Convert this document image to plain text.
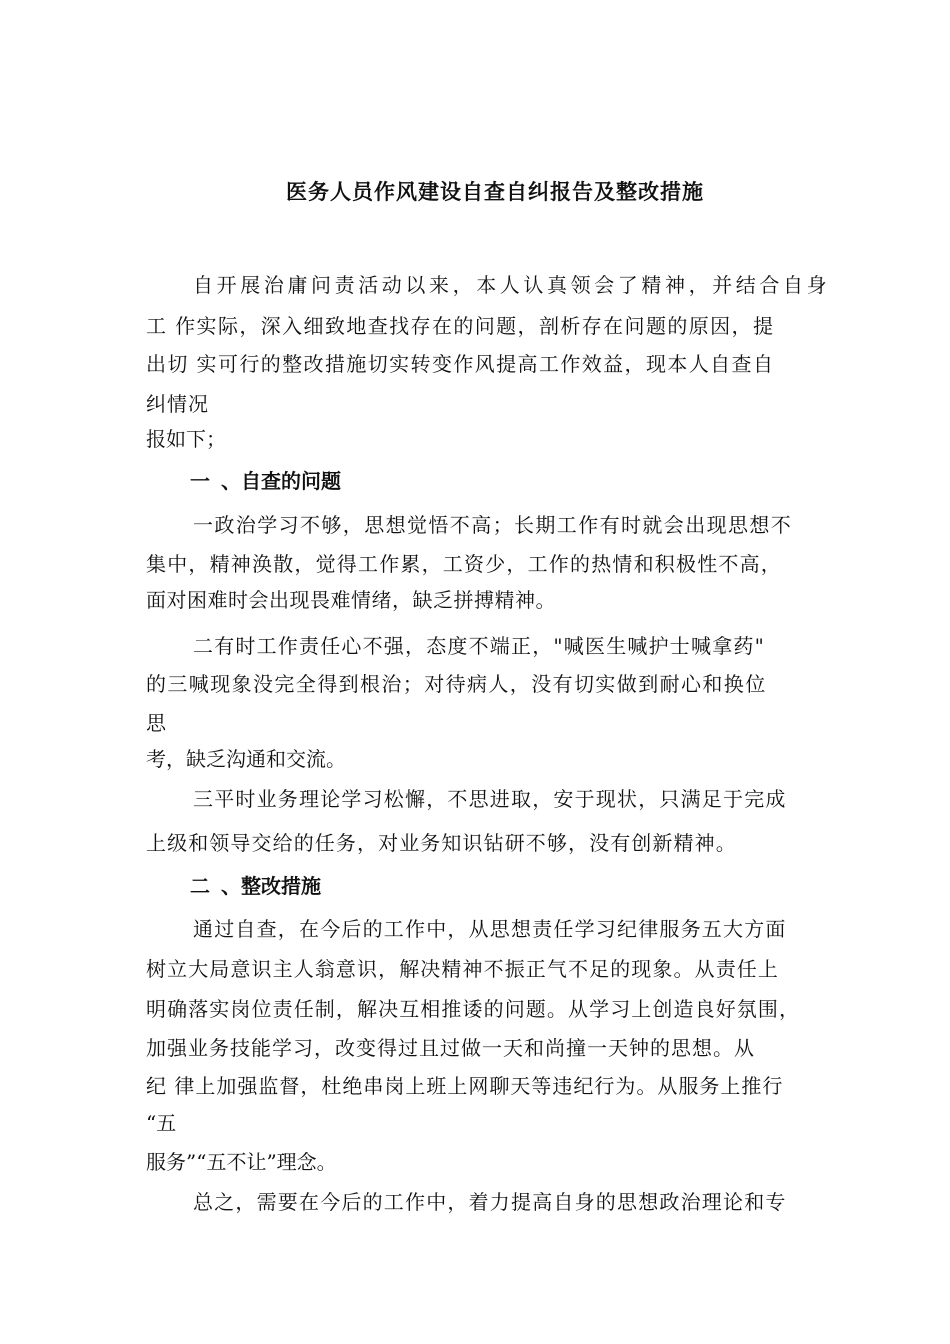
医务人员作风建设自查自纠报告及整改措施

自开展治庸问责活动以来，本人认真领会了精神，并结合自身

工 作实际，深入细致地查找存在的问题，剖析存在问题的原因，提

出切 实可行的整改措施切实转变作风提高工作效益，现本人自查自

纠情况

报如下；

一 、自查的问题

一政治学习不够，思想觉悟不高；长期工作有时就会出现思想不

集中，精神涣散，觉得工作累，工资少，工作的热情和积极性不高，

面对困难时会出现畏难情绪，缺乏拼搏精神。

二有时工作责任心不强，态度不端正，"喊医生喊护士喊拿药"

的三喊现象没完全得到根治；对待病人，没有切实做到耐心和换位

思

考，缺乏沟通和交流。

三平时业务理论学习松懈，不思进取，安于现状，只满足于完成

上级和领导交给的任务，对业务知识钻研不够，没有创新精神。

二 、整改措施

通过自查，在今后的工作中，从思想责任学习纪律服务五大方面

树立大局意识主人翁意识，解决精神不振正气不足的现象。从责任上

明确落实岗位责任制，解决互相推诿的问题。从学习上创造良好氛围，

加强业务技能学习，改变得过且过做一天和尚撞一天钟的思想。从

纪 律上加强监督，杜绝串岗上班上网聊天等违纪行为。从服务上推行

“五

服务”“五不让”理念。

总之，需要在今后的工作中，着力提高自身的思想政治理论和专
